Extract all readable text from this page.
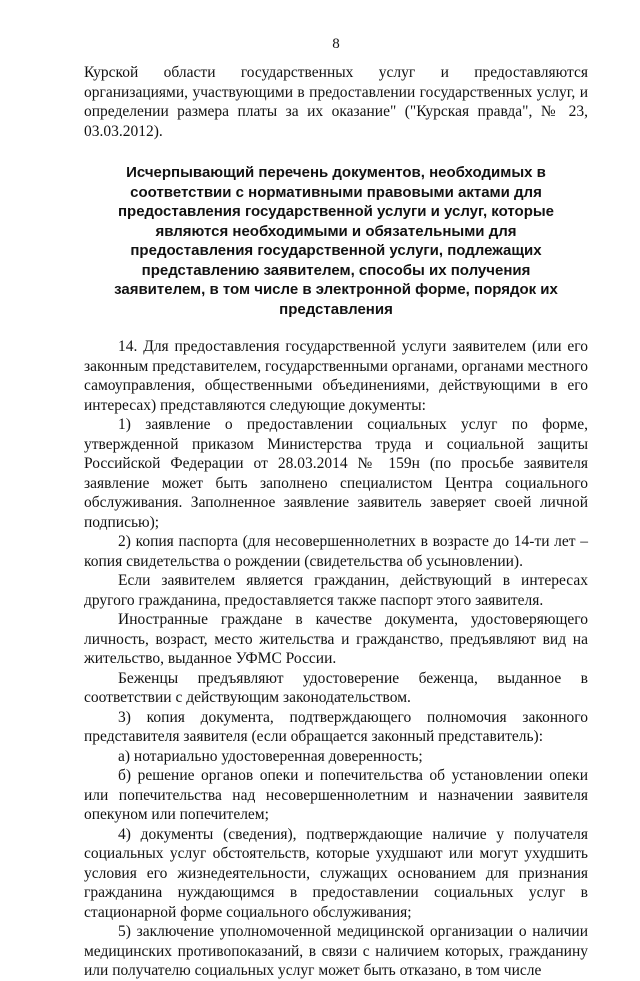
8

Курской области государственных услуг и предоставляются организациями, участвующими в предоставлении государственных услуг, и определении размера платы за их оказание" ("Курская правда", № 23, 03.03.2012).

Исчерпывающий перечень документов, необходимых в соответствии с нормативными правовыми актами для предоставления государственной услуги и услуг, которые являются необходимыми и обязательными для предоставления государственной услуги, подлежащих представлению заявителем, способы их получения заявителем, в том числе в электронной форме, порядок их представления

14. Для предоставления государственной услуги заявителем (или его законным представителем, государственными органами, органами местного самоуправления, общественными объединениями, действующими в его интересах) представляются следующие документы:

1) заявление о предоставлении социальных услуг по форме, утвержденной приказом Министерства труда и социальной защиты Российской Федерации от 28.03.2014 № 159н (по просьбе заявителя заявление может быть заполнено специалистом Центра социального обслуживания. Заполненное заявление заявитель заверяет своей личной подписью);

2) копия паспорта (для несовершеннолетних в возрасте до 14-ти лет – копия свидетельства о рождении (свидетельства об усыновлении).

Если заявителем является гражданин, действующий в интересах другого гражданина, предоставляется также паспорт этого заявителя.

Иностранные граждане в качестве документа, удостоверяющего личность, возраст, место жительства и гражданство, предъявляют вид на жительство, выданное УФМС России.

Беженцы предъявляют удостоверение беженца, выданное в соответствии с действующим законодательством.

3) копия документа, подтверждающего полномочия законного представителя заявителя (если обращается законный представитель):

а) нотариально удостоверенная доверенность;

б) решение органов опеки и попечительства об установлении опеки или попечительства над несовершеннолетним и назначении заявителя опекуном или попечителем;

4) документы (сведения), подтверждающие наличие у получателя социальных услуг обстоятельств, которые ухудшают или могут ухудшить условия его жизнедеятельности, служащих основанием для признания гражданина нуждающимся в предоставлении социальных услуг в стационарной форме социального обслуживания;

5) заключение уполномоченной медицинской организации о наличии медицинских противопоказаний, в связи с наличием которых, гражданину или получателю социальных услуг может быть отказано, в том числе
